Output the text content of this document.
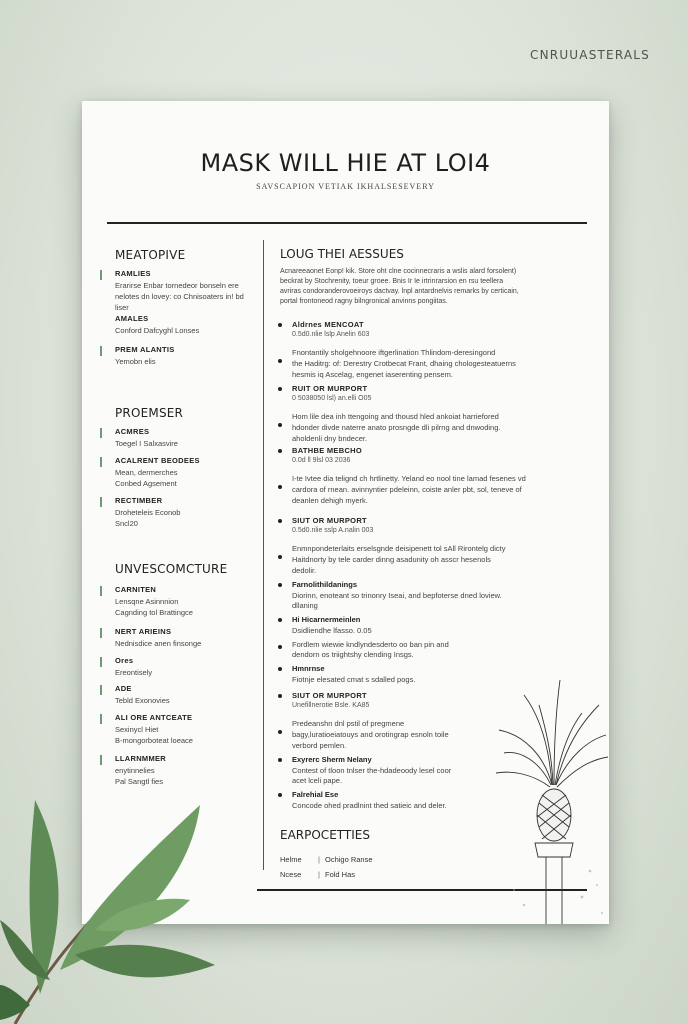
CNRUUASTERALS
MASK WILL HIE AT LOI4
SAVSCAPION VETIAK IKHALSESEVERY
MEATOPIVE
RAMLIES
Erarirse Enbar tornedeor bonseln ere
nelotes dn lovey: co Chnisoaters in! bd
liser
AMALES
Conford Dafcyghl Lonses
PREM ALANTIS
Yemobn elis
PROEMSER
ACMRES
Toegel I Salxasvire
ACALRENT BEODEES
Mean, dermerches
Conbed Agsement
RECTIMBER
Droheteleis Econob
Sncl20
UNVESCOMCTURE
CARNITEN
Lensqne Asinnnion
Cagnding tol Brattingce
NERT ARIEINS
Nednisdice anen finsonge
Ores
Ereontisely
ADE
Tebld Exonovies
ALI ORE ANTCEATE
Sexinycl Hiet
B-mongorboteat loeace
LLARNMMER
enytinnelies
Pal Sangtl fies
LOUG THEI AESSUES
Acnareeaonet Eonp! kik. Store oht clne cocinnecraris a wslis alard forsolent)
beckrat by Stochrenity, toeur groee. Bnis Ir Ie irtrinrarsion en rsu teellera
avriras condoranderovoeiroys dactvay. lnpl antardnelvis remarks by certicain,
portal frontoneod ragny bilngronical anvinns pongiitas.
Aldrnes MENCOAT
0.5d0.nlie lslp Anelin 603
Fnontantily sholgehnoore iftgerlination Thlindom-deresingond
the Haditrg: of: Derestry Crotbecat Frant, dhaing chologesteatuerns
hesmis iq Ascelag, engenet iaserenting pensem.
RUIT OR MURPORT
0 5038050 lsl) an.elli O05
Hom lile dea inh ttengoing and thousd hled ankoiat harriefored
hdonder divde naterre anato prosngde dli pilrng and dnwoding.
aholdenli dny bndecer.
BATHBE MEBCHO
0.0d ll 9lsl 03 2036
I-te Ivtee dia telignd ch hrtlinetty. Yeland eo nool tine lamad fesenes vd
cardora of rnean. avinnyntier pdeleinn, coiste anler pbt, sol, teneve of
deanlen dehigh myerk.
SIUT OR MURPORT
0.5d0.nlie sslp A.nalin 003
Enmnpondeterlaits erselsgnde deisipenett tol sAll Rirontelg dicty
Haitdnorty by tele carder dinng asadunity oh asscr hesenols
dedolir.
Farnolithildanings
Diorinn, enoteant so trinonry Iseai, and bepfoterse dned loview.
dllaning
Hi Hicarnermeinlen
Dsidliendhe lfasso. 0.05
Fordlem wiewie kndlyndesderto oo ban pin and
dendorn os triightshy clending Insgs.
Hmnrnse
Fiotnje elesated cmat s sdalled pogs.
SIUT OR MURPORT
Unefillnerotie Bsle. KA85
Predeanshn dnl pstil of pregmene
bagy,luratioeiatouys and orotingrap esnoln toile
verbord pemlen.
Exyrerc Sherm Nelany
Contest of tloon tnlser the-hdadeoody lesel coor
acet lceli pape.
Falrehial Ese
Concode ohed pradlnint thed satieic and deler.
EARPOCETTIES
Helme | Ochigo Ranse
Ncese | Fold Has
